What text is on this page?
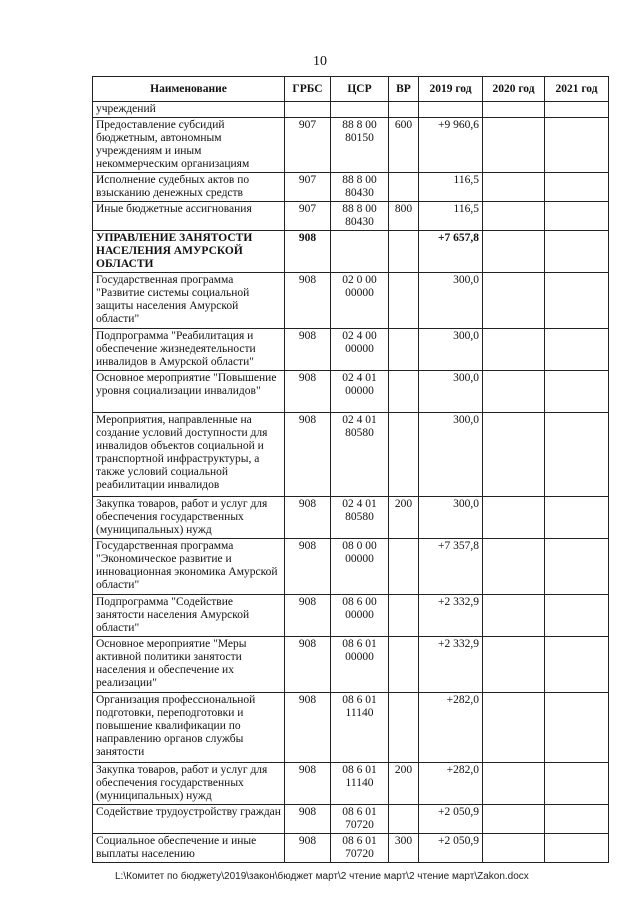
10
Наименование	ГРБС	ЦСР	ВР	2019 год	2020 год	2021 год
учреждений						
Предоставление субсидий бюджетным, автономным учреждениям и иным некоммерческим организациям	907	88 8 00 80150	600	+9 960,6		
Исполнение судебных актов по взысканию денежных средств	907	88 8 00 80430		116,5		
Иные бюджетные ассигнования	907	88 8 00 80430	800	116,5		
УПРАВЛЕНИЕ ЗАНЯТОСТИ НАСЕЛЕНИЯ АМУРСКОЙ ОБЛАСТИ	908			+7 657,8		
Государственная программа "Развитие системы социальной защиты населения Амурской области"	908	02 0 00 00000		300,0		
Подпрограмма "Реабилитация и обеспечение жизнедеятельности инвалидов в Амурской области"	908	02 4 00 00000		300,0		
Основное мероприятие "Повышение уровня социализации инвалидов"	908	02 4 01 00000		300,0		
Мероприятия, направленные на создание условий доступности для инвалидов объектов социальной и транспортной инфраструктуры, а также условий социальной реабилитации инвалидов	908	02 4 01 80580		300,0		
Закупка товаров, работ и услуг для обеспечения государственных (муниципальных) нужд	908	02 4 01 80580	200	300,0		
Государственная программа "Экономическое развитие и инновационная экономика Амурской области"	908	08 0 00 00000		+7 357,8		
Подпрограмма "Содействие занятости населения Амурской области"	908	08 6 00 00000		+2 332,9		
Основное мероприятие "Меры активной политики занятости населения и обеспечение их реализации"	908	08 6 01 00000		+2 332,9		
Организация профессиональной подготовки, переподготовки и повышение квалификации по направлению органов службы занятости	908	08 6 01 11140		+282,0		
Закупка товаров, работ и услуг для обеспечения государственных (муниципальных) нужд	908	08 6 01 11140	200	+282,0		
Содействие трудоустройству граждан	908	08 6 01 70720		+2 050,9		
Социальное обеспечение и иные выплаты населению	908	08 6 01 70720	300	+2 050,9		
L:\Комитет по бюджету\2019\закон\бюджет март\2 чтение март\2 чтение март\Zakon.docx
